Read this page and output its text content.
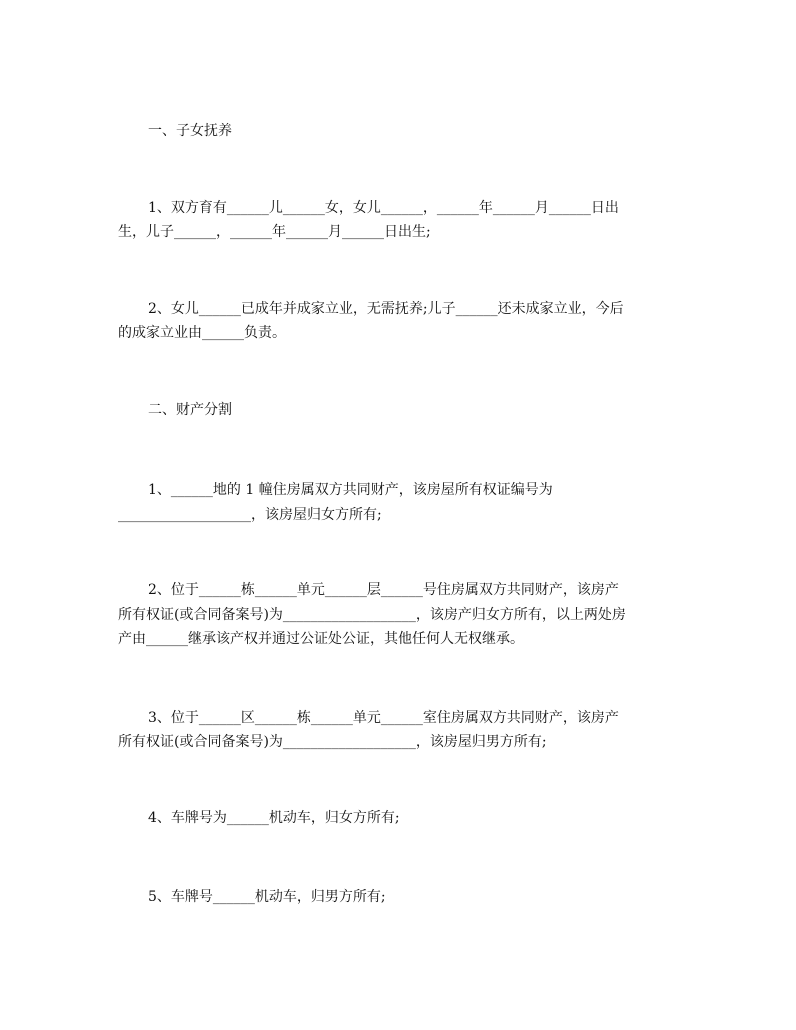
一、子女抚养
1、双方育有______儿______女，女儿______，______年______月______日出
生，儿子______，______年______月______日出生;
2、女儿______已成年并成家立业，无需抚养;儿子______还未成家立业，今后
的成家立业由______负责。
二、财产分割
1、______地的 1 幢住房属双方共同财产，该房屋所有权证编号为
___________________，该房屋归女方所有;
2、位于______栋______单元______层______号住房属双方共同财产，该房产
所有权证(或合同备案号)为___________________，该房产归女方所有，以上两处房
产由______继承该产权并通过公证处公证，其他任何人无权继承。
3、位于______区______栋______单元______室住房属双方共同财产，该房产
所有权证(或合同备案号)为___________________，该房屋归男方所有;
4、车牌号为______机动车，归女方所有;
5、车牌号______机动车，归男方所有;
